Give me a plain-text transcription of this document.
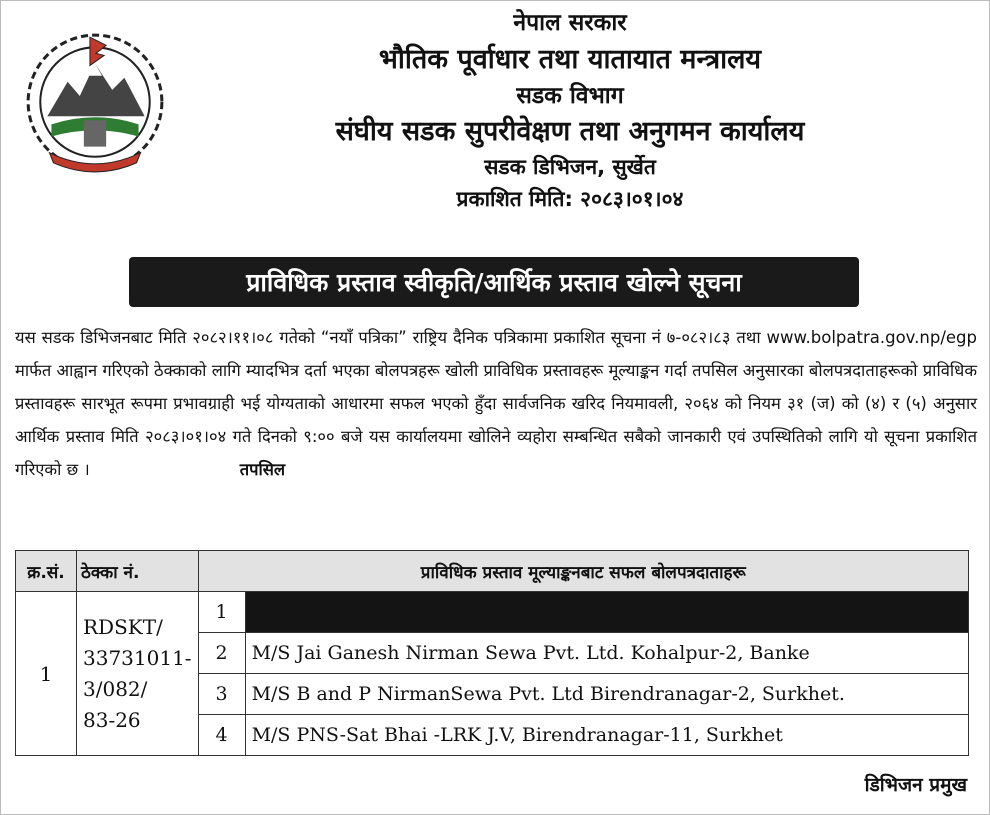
नेपाल सरकार
भौतिक पूर्वाधार तथा यातायात मन्त्रालय
सडक विभाग
संघीय सडक सुपरीवेक्षण तथा अनुगमन कार्यालय
सडक डिभिजन, सुर्खेत
प्रकाशित मिति: २०८३।०१।०४
प्राविधिक प्रस्ताव स्वीकृति/आर्थिक प्रस्ताव खोल्ने सूचना
यस सडक डिभिजनबाट मिति २०८२।११।०८ गतेको “नयाँ पत्रिका” राष्ट्रिय दैनिक पत्रिकामा प्रकाशित सूचना नं ७-०८२।८३ तथा www.bolpatra.gov.np/egp मार्फत आह्वान गरिएको ठेक्काको लागि म्यादभित्र दर्ता भएका बोलपत्रहरू खोली प्राविधिक प्रस्तावहरू मूल्याङ्कन गर्दा तपसिल अनुसारका बोलपत्रदाताहरूको प्राविधिक प्रस्तावहरू सारभूत रूपमा प्रभावग्राही भई योग्यताको आधारमा सफल भएको हुँदा सार्वजनिक खरिद नियमावली, २०६४ को नियम ३१ (ज) को (४) र (५) अनुसार आर्थिक प्रस्ताव मिति २०८३।०१।०४ गते दिनको ९:०० बजे यस कार्यालयमा खोलिने व्यहोरा सम्बन्धित सबैको जानकारी एवं उपस्थितिको लागि यो सूचना प्रकाशित गरिएको छ ।	तपसिल
क्र.सं.	ठेक्का नं.	प्राविधिक प्रस्ताव मूल्याङ्कनबाट सफल बोलपत्रदाताहरू	
1	RDSKT/
33731011-
3/082/
83-26	1	
		2	M/S Jai Ganesh Nirman Sewa Pvt. Ltd. Kohalpur-2, Banke
		3	M/S B and P NirmanSewa Pvt. Ltd Birendranagar-2, Surkhet.
		4	M/S PNS-Sat Bhai -LRK J.V, Birendranagar-11, Surkhet
डिभिजन प्रमुख
